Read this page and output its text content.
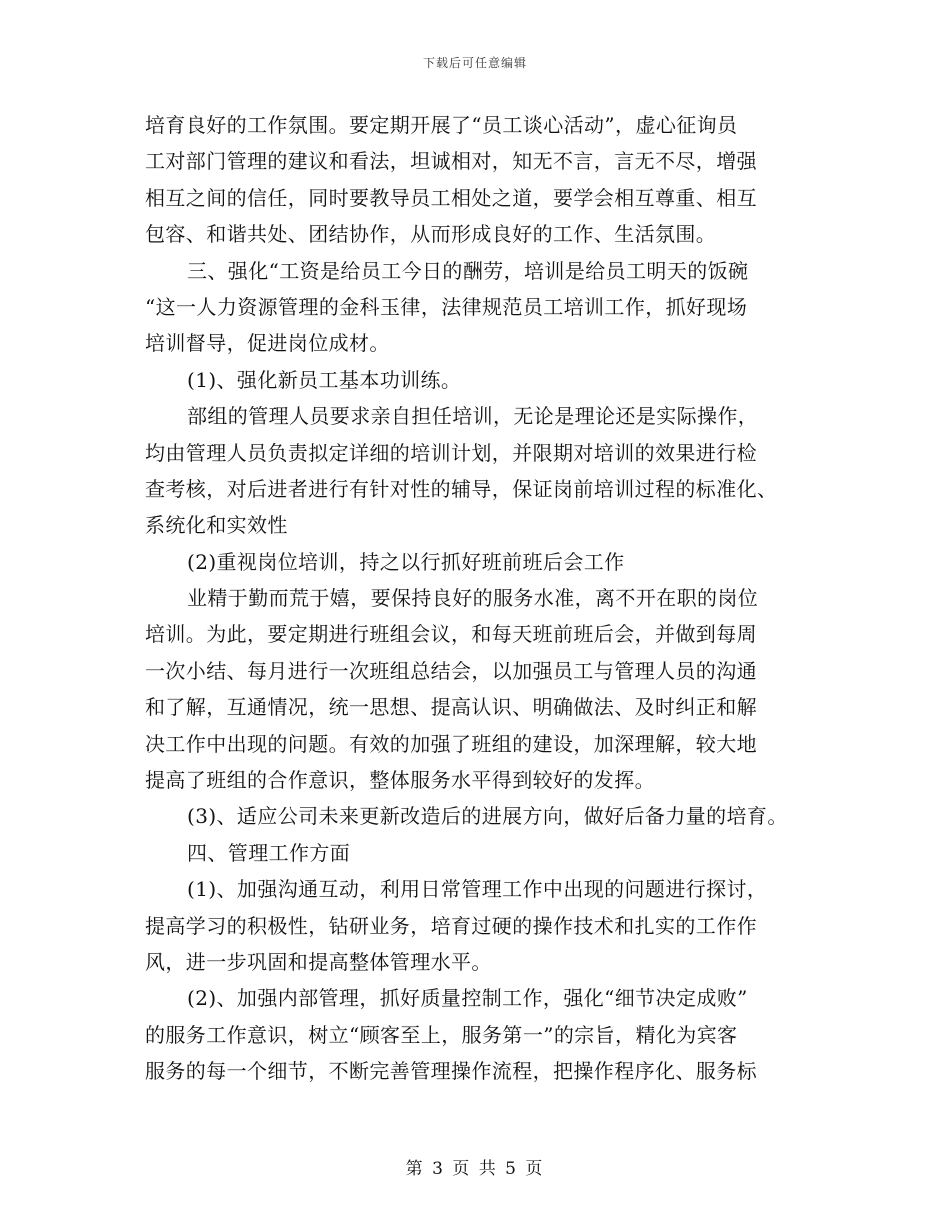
下载后可任意编辑
培育良好的工作氛围。要定期开展了“员工谈心活动”，虚心征询员
工对部门管理的建议和看法，坦诚相对，知无不言，言无不尽，增强
相互之间的信任，同时要教导员工相处之道，要学会相互尊重、相互
包容、和谐共处、团结协作，从而形成良好的工作、生活氛围。
三、强化“工资是给员工今日的酬劳，培训是给员工明天的饭碗
“这一人力资源管理的金科玉律，法律规范员工培训工作，抓好现场
培训督导，促进岗位成材。
(1)、强化新员工基本功训练。
部组的管理人员要求亲自担任培训，无论是理论还是实际操作，
均由管理人员负责拟定详细的培训计划，并限期对培训的效果进行检
查考核，对后进者进行有针对性的辅导，保证岗前培训过程的标准化、
系统化和实效性
(2)重视岗位培训，持之以行抓好班前班后会工作
业精于勤而荒于嬉，要保持良好的服务水准，离不开在职的岗位
培训。为此，要定期进行班组会议，和每天班前班后会，并做到每周
一次小结、每月进行一次班组总结会，以加强员工与管理人员的沟通
和了解，互通情况，统一思想、提高认识、明确做法、及时纠正和解
决工作中出现的问题。有效的加强了班组的建设，加深理解，较大地
提高了班组的合作意识，整体服务水平得到较好的发挥。
(3)、适应公司未来更新改造后的进展方向，做好后备力量的培育。
四、管理工作方面
(1)、加强沟通互动，利用日常管理工作中出现的问题进行探讨，
提高学习的积极性，钻研业务，培育过硬的操作技术和扎实的工作作
风，进一步巩固和提高整体管理水平。
(2)、加强内部管理，抓好质量控制工作，强化“细节决定成败”
的服务工作意识，树立“顾客至上，服务第一”的宗旨，精化为宾客
服务的每一个细节，不断完善管理操作流程，把操作程序化、服务标
第 3 页 共 5 页
